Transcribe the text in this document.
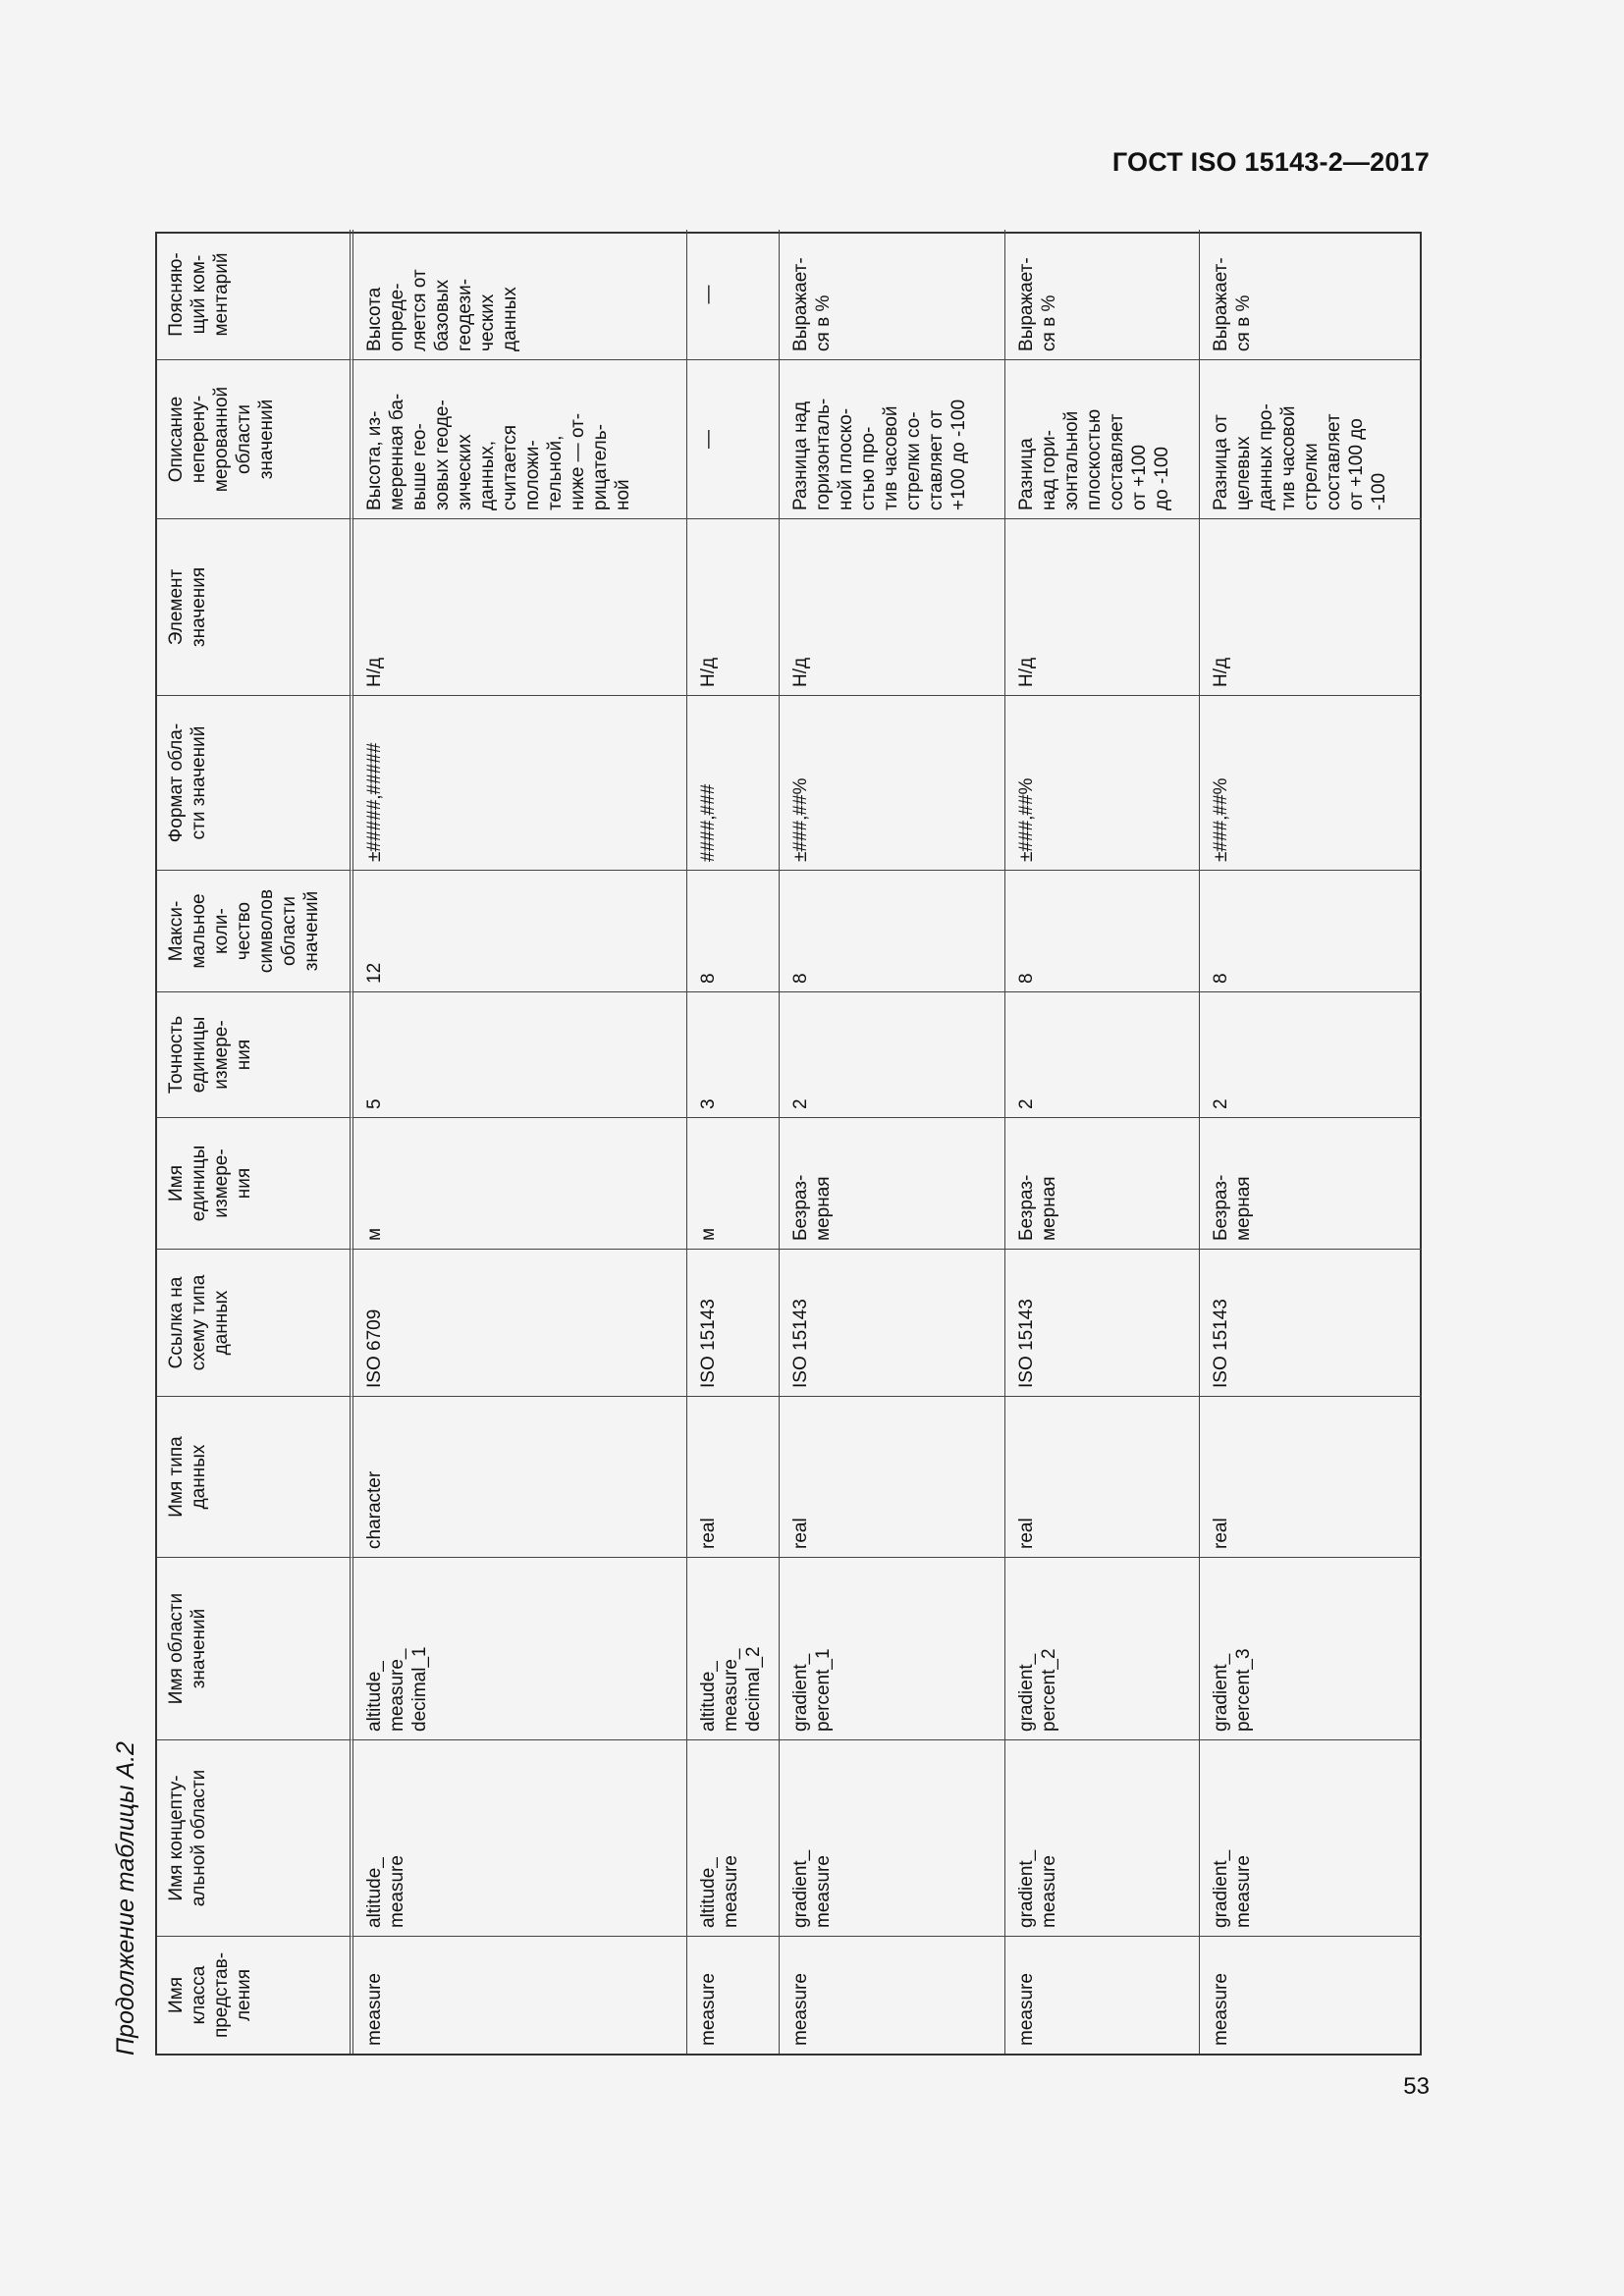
ГОСТ ISO 15143-2—2017
Продолжение таблицы А.2	Имя
класса
представ-
ления
Имя концепту-
альной области
Имя области
значений
Имя типа
данных
Ссылка на
схему типа
данных
Имя
единицы
измере-
ния
Точность
единицы
измере-
ния
Макси-
мальное
коли-
чество
символов
области
значений
Формат обла-
сти значений
Элемент
значения
Описание
неперену-
мерованной
области
значений
Поясняю-
щий ком-
ментарий
measure
altitude_
measure
altitude_
measure_
decimal_1
character
ISO 6709
м
5
12
±#####,#####
Н/д
Высота, из-
меренная ба-
выше гео-
зовых геоде-
зических
данных,
считается
положи-
тельной,
ниже — от-
рицатель-
ной
Высота
опреде-
ляется от
базовых
геодези-
ческих
данных
measure
altitude_
measure
altitude_
measure_
decimal_2
real
ISO 15143
м
3
8
####,###
Н/д
—
—
measure
gradient_
measure
gradient_
percent_1
real
ISO 15143
Безраз-
мерная
2
8
±###,##%
Н/д
Разница над
горизонталь-
ной плоско-
стью про-
тив часовой
стрелки со-
ставляет от
+100 до -100
Выражает-
ся в %
measure
gradient_
measure
gradient_
percent_2
real
ISO 15143
Безраз-
мерная
2
8
±###,##%
Н/д
Разница
над гори-
зонтальной
плоскостью
составляет
от +100
до -100
Выражает-
ся в %
measure
gradient_
measure
gradient_
percent_3
real
ISO 15143
Безраз-
мерная
2
8
±###,##%
Н/д
Разница от
целевых
данных про-
тив часовой
стрелки
составляет
от +100 до
-100
Выражает-
ся в %
53
